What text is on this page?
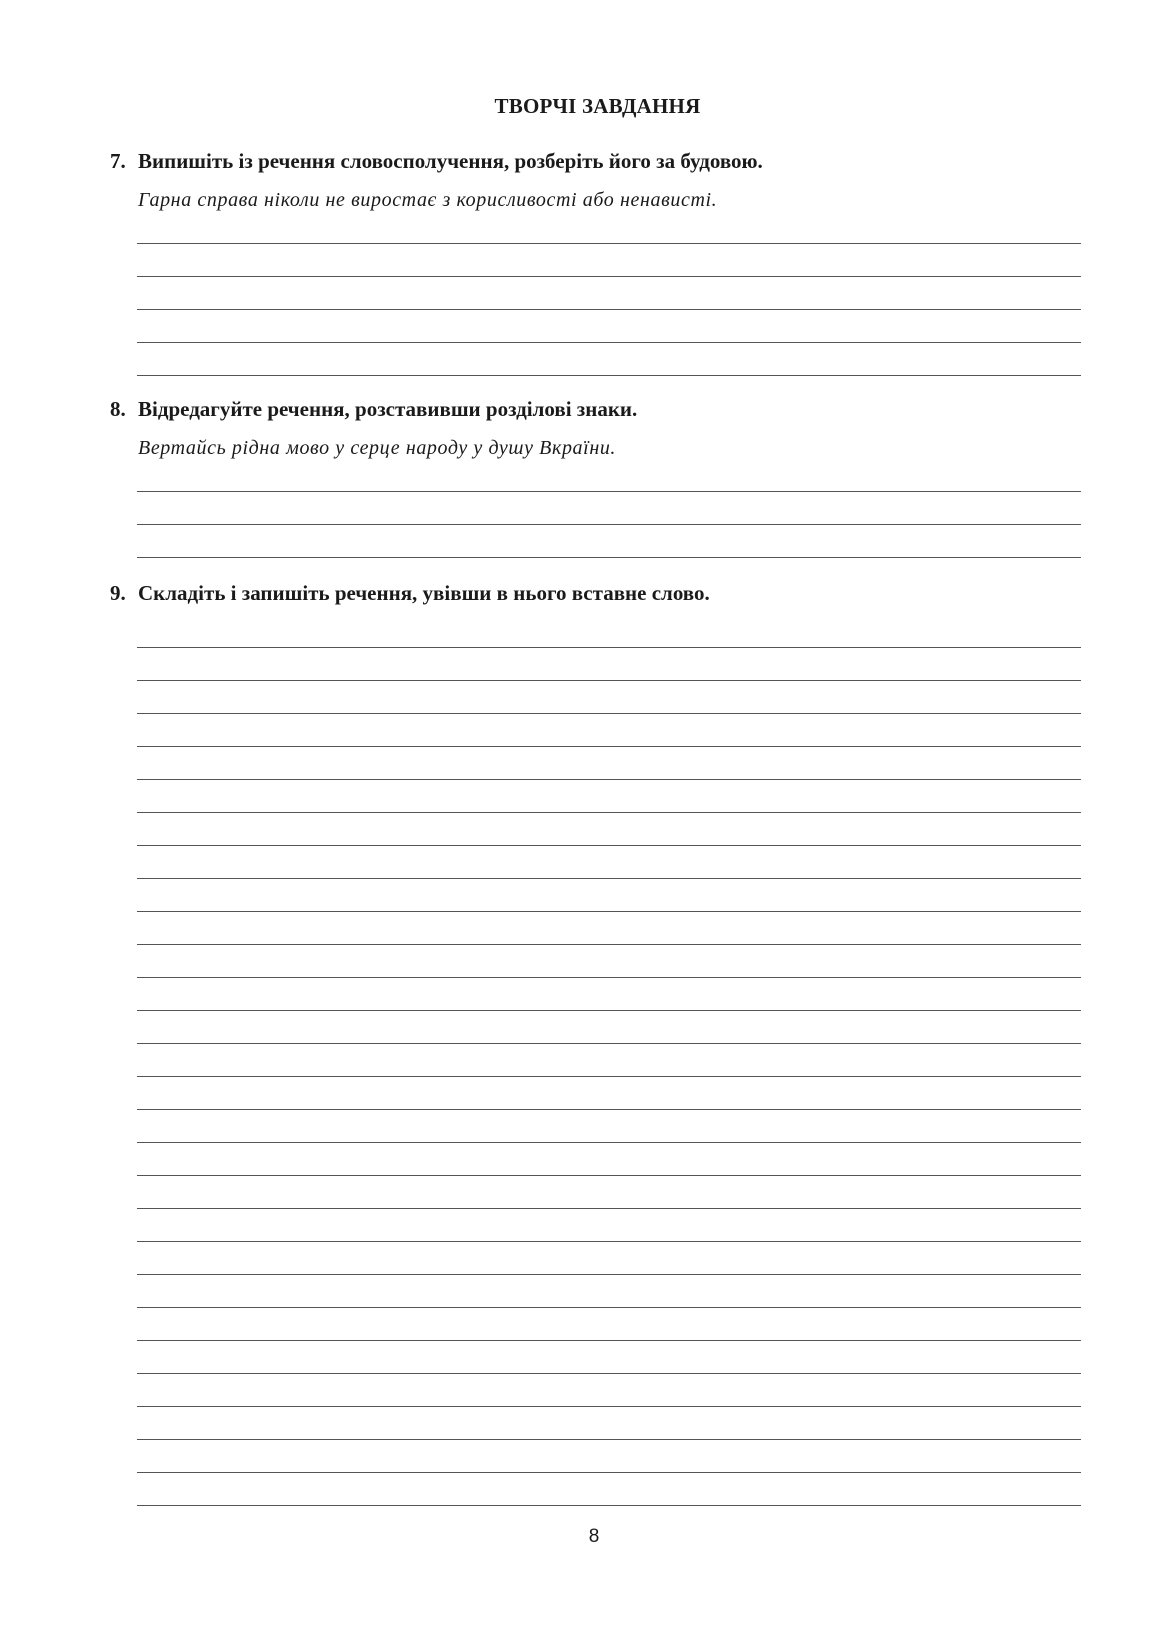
ТВОРЧІ ЗАВДАННЯ
7. Випишіть із речення словосполучення, розберіть його за будовою.
Гарна справа ніколи не виростає з корисливості або ненависті.
8. Відредагуйте речення, розставивши розділові знаки.
Вертайсь рідна мово у серце народу у душу Вкраїни.
9. Складіть і запишіть речення, увівши в нього вставне слово.
8
